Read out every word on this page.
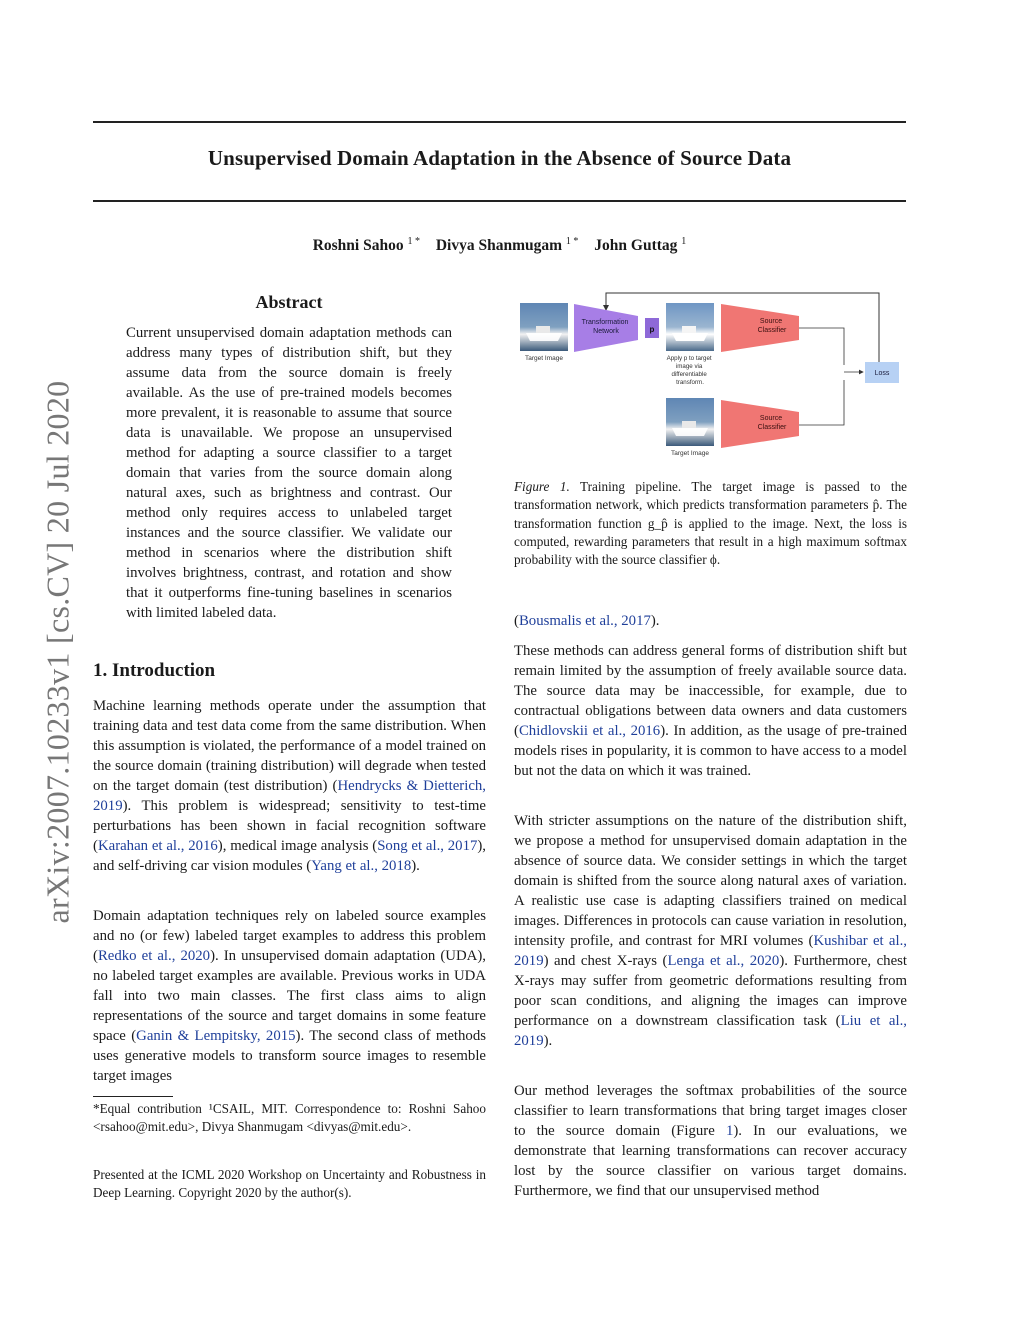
Unsupervised Domain Adaptation in the Absence of Source Data
Roshni Sahoo $^{1 *}$ Divya Shanmugam $^{1 *}$ John Guttag $^1$
arXiv:2007.10233v1 [cs.CV] 20 Jul 2020
Abstract
Current unsupervised domain adaptation methods can address many types of distribution shift, but they assume data from the source domain is freely available. As the use of pre-trained models becomes more prevalent, it is reasonable to assume that source data is unavailable. We propose an unsupervised method for adapting a source classifier to a target domain that varies from the source domain along natural axes, such as brightness and contrast. Our method only requires access to unlabeled target instances and the source classifier. We validate our method in scenarios where the distribution shift involves brightness, contrast, and rotation and show that it outperforms fine-tuning baselines in scenarios with limited labeled data.
1. Introduction

Machine learning methods operate under the assumption that training data and test data come from the same distribution. When this assumption is violated, the performance of a model trained on the source domain (training distribution) will degrade when tested on the target domain (test distribution) (Hendrycks & Dietterich, 2019). This problem is widespread; sensitivity to test-time perturbations has been shown in facial recognition software (Karahan et al., 2016), medical image analysis (Song et al., 2017), and self-driving car vision modules (Yang et al., 2018).

Domain adaptation techniques rely on labeled source examples and no (or few) labeled target examples to address this problem (Redko et al., 2020). In unsupervised domain adaptation (UDA), no labeled target examples are available. Previous works in UDA fall into two main classes. The first class aims to align representations of the source and target domains in some feature space (Ganin & Lempitsky, 2015). The second class of methods uses generative models to transform source images to resemble target images

*Equal contribution ¹CSAIL, MIT. Correspondence to: Roshni Sahoo <rsahoo@mit.edu>, Divya Shanmugam <divyas@mit.edu>.
Presented at the ICML 2020 Workshop on Uncertainty and Robustness in Deep Learning. Copyright 2020 by the author(s).
Target Image
Transformation Network	p
Apply p to target image via differentiable transform.
Source Classifier
Loss
Target Image
Source Classifier
Figure 1. Training pipeline. The target image is passed to the transformation network, which predicts transformation parameters p̂. The transformation function g_p̂ is applied to the image. Next, the loss is computed, rewarding parameters that result in a high maximum softmax probability with the source classifier ϕ.

(Bousmalis et al., 2017).

These methods can address general forms of distribution shift but remain limited by the assumption of freely available source data. The source data may be inaccessible, for example, due to contractual obligations between data owners and data customers (Chidlovskii et al., 2016). In addition, as the usage of pre-trained models rises in popularity, it is common to have access to a model but not the data on which it was trained.

With stricter assumptions on the nature of the distribution shift, we propose a method for unsupervised domain adaptation in the absence of source data. We consider settings in which the target domain is shifted from the source along natural axes of variation. A realistic use case is adapting classifiers trained on medical images. Differences in protocols can cause variation in resolution, intensity profile, and contrast for MRI volumes (Kushibar et al., 2019) and chest X-rays (Lenga et al., 2020). Furthermore, chest X-rays may suffer from geometric deformations resulting from poor scan conditions, and aligning the images can improve performance on a downstream classification task (Liu et al., 2019).

Our method leverages the softmax probabilities of the source classifier to learn transformations that bring target images closer to the source domain (Figure 1). In our evaluations, we demonstrate that learning transformations can recover accuracy lost by the source classifier on various target domains. Furthermore, we find that our unsupervised method
